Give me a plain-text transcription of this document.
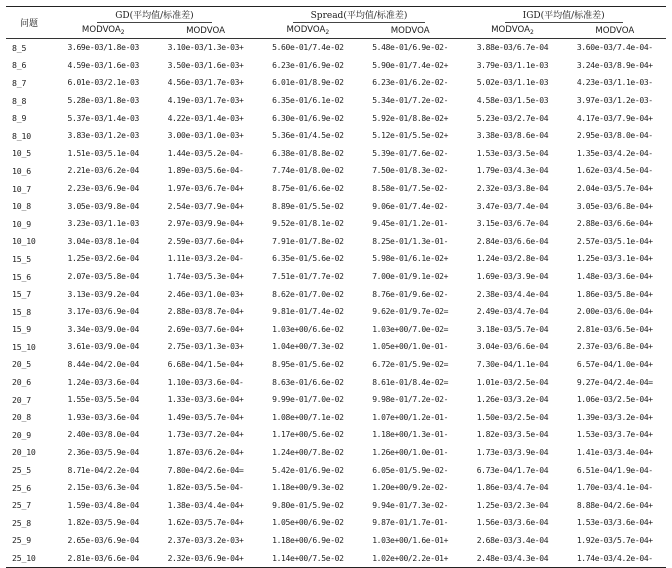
问题	GD(平均值/标准差)		Spread(平均值/标准差)		IGD(平均值/标准差)	
	$MODVOA_2$	MODVOA	$MODVOA_2$	MODVOA	$MODVOA_2$	MODVOA
8_5	3.69e-03/1.8e-03	3.10e-03/1.3e-03+	5.60e-01/7.4e-02	5.48e-01/6.9e-02-	3.88e-03/6.7e-04	3.60e-03/7.4e-04-
8_6	4.59e-03/1.6e-03	3.50e-03/1.6e-03+	6.23e-01/6.9e-02	5.90e-01/7.4e-02+	3.79e-03/1.1e-03	3.24e-03/8.9e-04+
8_7	6.01e-03/2.1e-03	4.56e-03/1.7e-03+	6.01e-01/8.9e-02	6.23e-01/6.2e-02-	5.02e-03/1.1e-03	4.23e-03/1.1e-03-
8_8	5.28e-03/1.8e-03	4.19e-03/1.7e-03+	6.35e-01/6.1e-02	5.34e-01/7.2e-02-	4.58e-03/1.5e-03	3.97e-03/1.2e-03-
8_9	5.37e-03/1.4e-03	4.22e-03/1.4e-03+	6.30e-01/6.9e-02	5.92e-01/8.8e-02+	5.23e-03/2.7e-04	4.17e-03/7.9e-04+
8_10	3.83e-03/1.2e-03	3.00e-03/1.0e-03+	5.36e-01/4.5e-02	5.12e-01/5.5e-02+	3.38e-03/8.6e-04	2.95e-03/8.0e-04-
10_5	1.51e-03/5.1e-04	1.44e-03/5.2e-04-	6.38e-01/8.8e-02	5.39e-01/7.6e-02-	1.53e-03/3.5e-04	1.35e-03/4.2e-04-
10_6	2.21e-03/6.2e-04	1.89e-03/5.6e-04-	7.74e-01/8.0e-02	7.50e-01/8.3e-02-	1.79e-03/4.3e-04	1.62e-03/4.5e-04-
10_7	2.23e-03/6.9e-04	1.97e-03/6.7e-04+	8.75e-01/6.6e-02	8.58e-01/7.5e-02-	2.32e-03/3.8e-04	2.04e-03/5.7e-04+
10_8	3.05e-03/9.8e-04	2.54e-03/7.9e-04+	8.89e-01/5.5e-02	9.06e-01/7.4e-02-	3.47e-03/7.4e-04	3.05e-03/6.8e-04+
10_9	3.23e-03/1.1e-03	2.97e-03/9.9e-04+	9.52e-01/8.1e-02	9.45e-01/1.2e-01-	3.15e-03/6.7e-04	2.88e-03/6.6e-04+
10_10	3.04e-03/8.1e-04	2.59e-03/7.6e-04+	7.91e-01/7.8e-02	8.25e-01/1.3e-01-	2.84e-03/6.6e-04	2.57e-03/5.1e-04+
15_5	1.25e-03/2.6e-04	1.11e-03/3.2e-04-	6.35e-01/5.6e-02	5.98e-01/6.1e-02+	1.24e-03/2.8e-04	1.25e-03/3.1e-04+
15_6	2.07e-03/5.8e-04	1.74e-03/5.3e-04+	7.51e-01/7.7e-02	7.00e-01/9.1e-02+	1.69e-03/3.9e-04	1.48e-03/3.6e-04+
15_7	3.13e-03/9.2e-04	2.46e-03/1.0e-03+	8.62e-01/7.0e-02	8.76e-01/9.6e-02-	2.38e-03/4.4e-04	1.86e-03/5.8e-04+
15_8	3.17e-03/6.9e-04	2.88e-03/8.7e-04+	9.81e-01/7.4e-02	9.62e-01/9.7e-02=	2.49e-03/4.7e-04	2.00e-03/6.0e-04+
15_9	3.34e-03/9.0e-04	2.69e-03/7.6e-04+	1.03e+00/6.6e-02	1.03e+00/7.0e-02=	3.18e-03/5.7e-04	2.81e-03/6.5e-04+
15_10	3.61e-03/9.0e-04	2.75e-03/1.3e-03+	1.04e+00/7.3e-02	1.05e+00/1.0e-01-	3.04e-03/6.6e-04	2.37e-03/6.8e-04+
20_5	8.44e-04/2.0e-04	6.68e-04/1.5e-04+	8.95e-01/5.6e-02	6.72e-01/5.9e-02=	7.30e-04/1.1e-04	6.57e-04/1.0e-04+
20_6	1.24e-03/3.6e-04	1.10e-03/3.6e-04-	8.63e-01/6.6e-02	8.61e-01/8.4e-02=	1.01e-03/2.5e-04	9.27e-04/2.4e-04=
20_7	1.55e-03/5.5e-04	1.33e-03/3.6e-04+	9.99e-01/7.0e-02	9.98e-01/7.2e-02-	1.26e-03/3.2e-04	1.06e-03/2.5e-04+
20_8	1.93e-03/3.6e-04	1.49e-03/5.7e-04+	1.08e+00/7.1e-02	1.07e+00/1.2e-01-	1.50e-03/2.5e-04	1.39e-03/3.2e-04+
20_9	2.40e-03/8.0e-04	1.73e-03/7.2e-04+	1.17e+00/5.6e-02	1.18e+00/1.3e-01-	1.82e-03/3.5e-04	1.53e-03/3.7e-04+
20_10	2.36e-03/5.9e-04	1.87e-03/6.2e-04+	1.24e+00/7.8e-02	1.26e+00/1.0e-01-	1.73e-03/3.9e-04	1.41e-03/3.4e-04+
25_5	8.71e-04/2.2e-04	7.80e-04/2.6e-04=	5.42e-01/6.9e-02	6.05e-01/5.9e-02-	6.73e-04/1.7e-04	6.51e-04/1.9e-04-
25_6	2.15e-03/6.3e-04	1.82e-03/5.5e-04-	1.18e+00/9.3e-02	1.20e+00/9.2e-02-	1.86e-03/4.7e-04	1.70e-03/4.1e-04-
25_7	1.59e-03/4.8e-04	1.38e-03/4.4e-04+	9.80e-01/5.9e-02	9.94e-01/7.3e-02-	1.25e-03/2.3e-04	8.88e-04/2.6e-04+
25_8	1.82e-03/5.9e-04	1.62e-03/5.7e-04+	1.05e+00/6.9e-02	9.87e-01/1.7e-01-	1.56e-03/3.6e-04	1.53e-03/3.6e-04+
25_9	2.65e-03/6.9e-04	2.37e-03/3.2e-03+	1.18e+00/6.9e-02	1.03e+00/1.6e-01+	2.68e-03/3.4e-04	1.92e-03/5.7e-04+
25_10	2.81e-03/6.6e-04	2.32e-03/6.9e-04+	1.14e+00/7.5e-02	1.02e+00/2.2e-01+	2.48e-03/4.3e-04	1.74e-03/4.2e-04-
